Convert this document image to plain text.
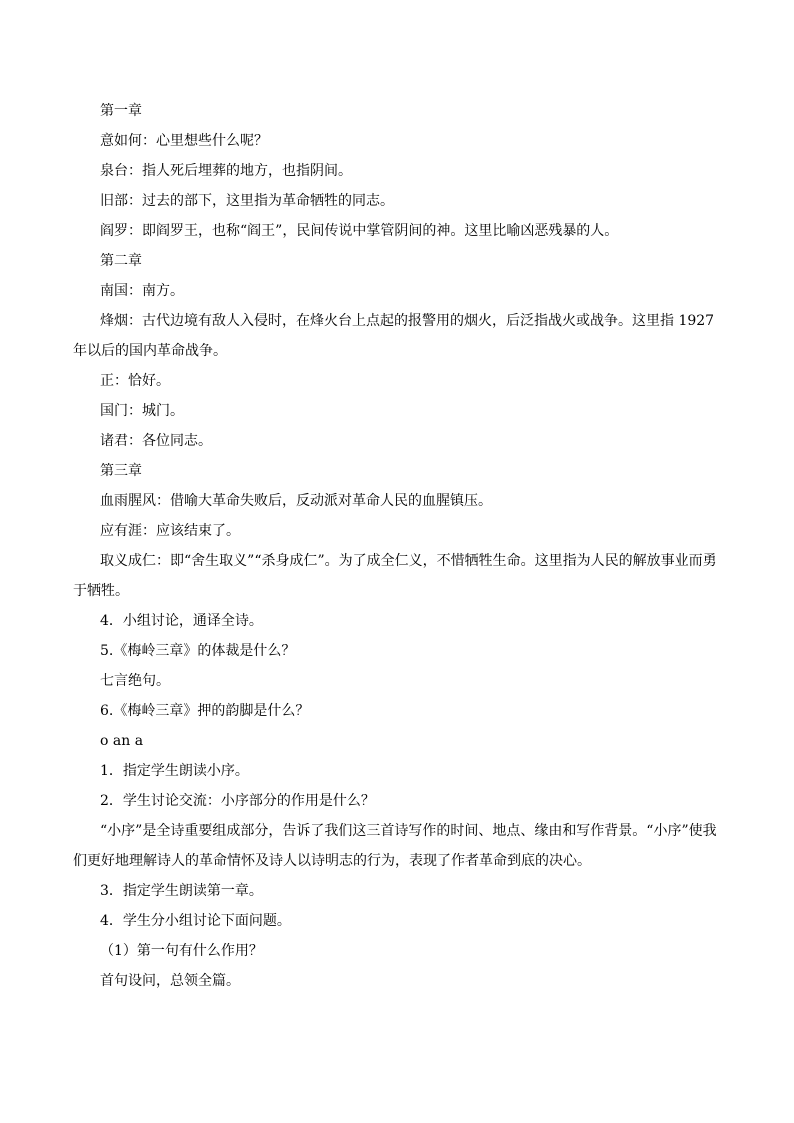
第一章

意如何：心里想些什么呢？

泉台：指人死后埋葬的地方，也指阴间。

旧部：过去的部下，这里指为革命牺牲的同志。

阎罗：即阎罗王，也称“阎王”，民间传说中掌管阴间的神。这里比喻凶恶残暴的人。

第二章

南国：南方。

烽烟：古代边境有敌人入侵时，在烽火台上点起的报警用的烟火，后泛指战火或战争。这里指 1927 年以后的国内革命战争。

正：恰好。

国门：城门。

诸君：各位同志。

第三章

血雨腥风：借喻大革命失败后，反动派对革命人民的血腥镇压。

应有涯：应该结束了。

取义成仁：即“舍生取义”“杀身成仁”。为了成全仁义，不惜牺牲生命。这里指为人民的解放事业而勇于牺牲。

4．小组讨论，通译全诗。

5.《梅岭三章》的体裁是什么？

七言绝句。

6.《梅岭三章》押的韵脚是什么？

o an a

1．指定学生朗读小序。

2．学生讨论交流：小序部分的作用是什么？

“小序”是全诗重要组成部分，告诉了我们这三首诗写作的时间、地点、缘由和写作背景。“小序”使我们更好地理解诗人的革命情怀及诗人以诗明志的行为，表现了作者革命到底的决心。

3．指定学生朗读第一章。

4．学生分小组讨论下面问题。

（1）第一句有什么作用？

首句设问，总领全篇。
